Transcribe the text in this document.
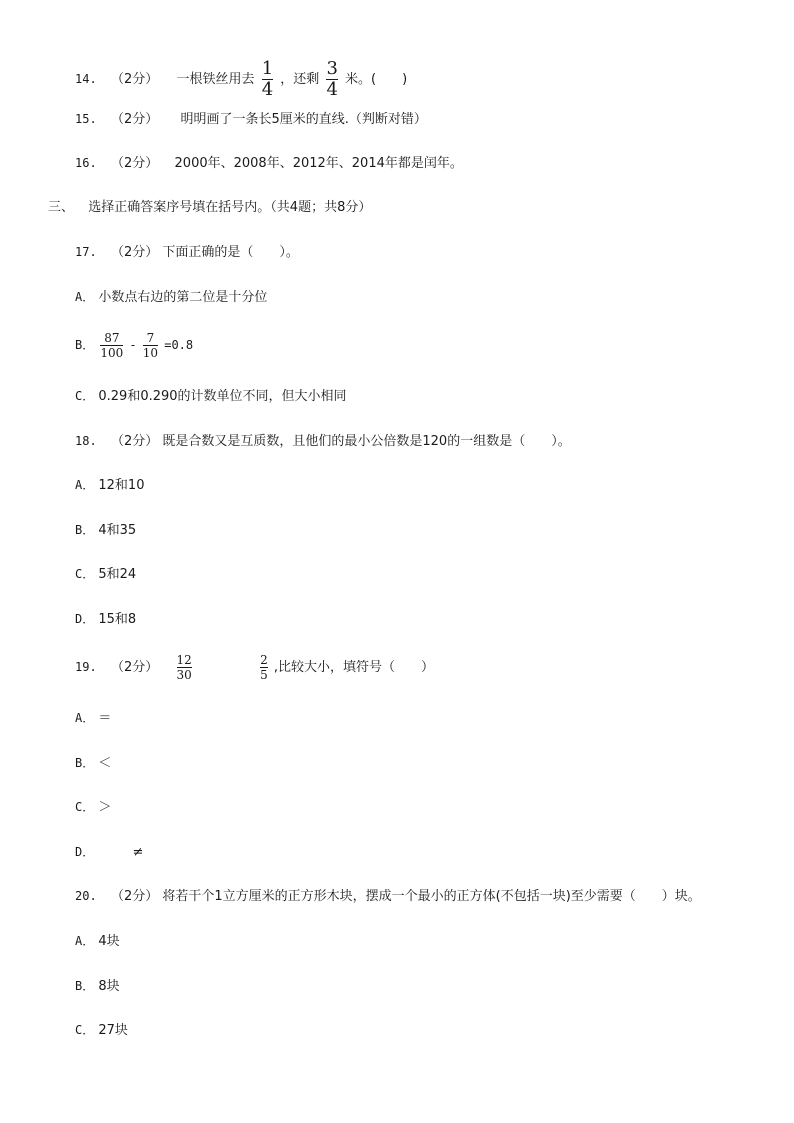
14. （2分） 一根铁丝用去 $\frac{1}{4}$ ，还剩 $\frac{3}{4}$ 米。(　　)
15. （2分） 明明画了一条长5厘米的直线.（判断对错）
16. （2分） 2000年、2008年、2012年、2014年都是闰年。
三、 选择正确答案序号填在括号内。（共4题；共8分）
17. （2分） 下面正确的是（　　）。
A． 小数点右边的第二位是十分位
B． $\frac{87}{100} - \frac{7}{10} =0.8$
C． 0.29和0.290的计数单位不同，但大小相同
18. （2分） 既是合数又是互质数，且他们的最小公倍数是120的一组数是（　　）。
A． 12和10
B． 4和35
C． 5和24
D． 15和8
19. （2分） $\frac{12}{30}$
	$\frac{2}{5}$ ,比较大小，填符号（　　）
A． ＝
B． ＜
C． ＞
D．	≠
20. （2分） 将若干个1立方厘米的正方形木块，摆成一个最小的正方体(不包括一块)至少需要（　　）块。
A． 4块
B． 8块
C． 27块
